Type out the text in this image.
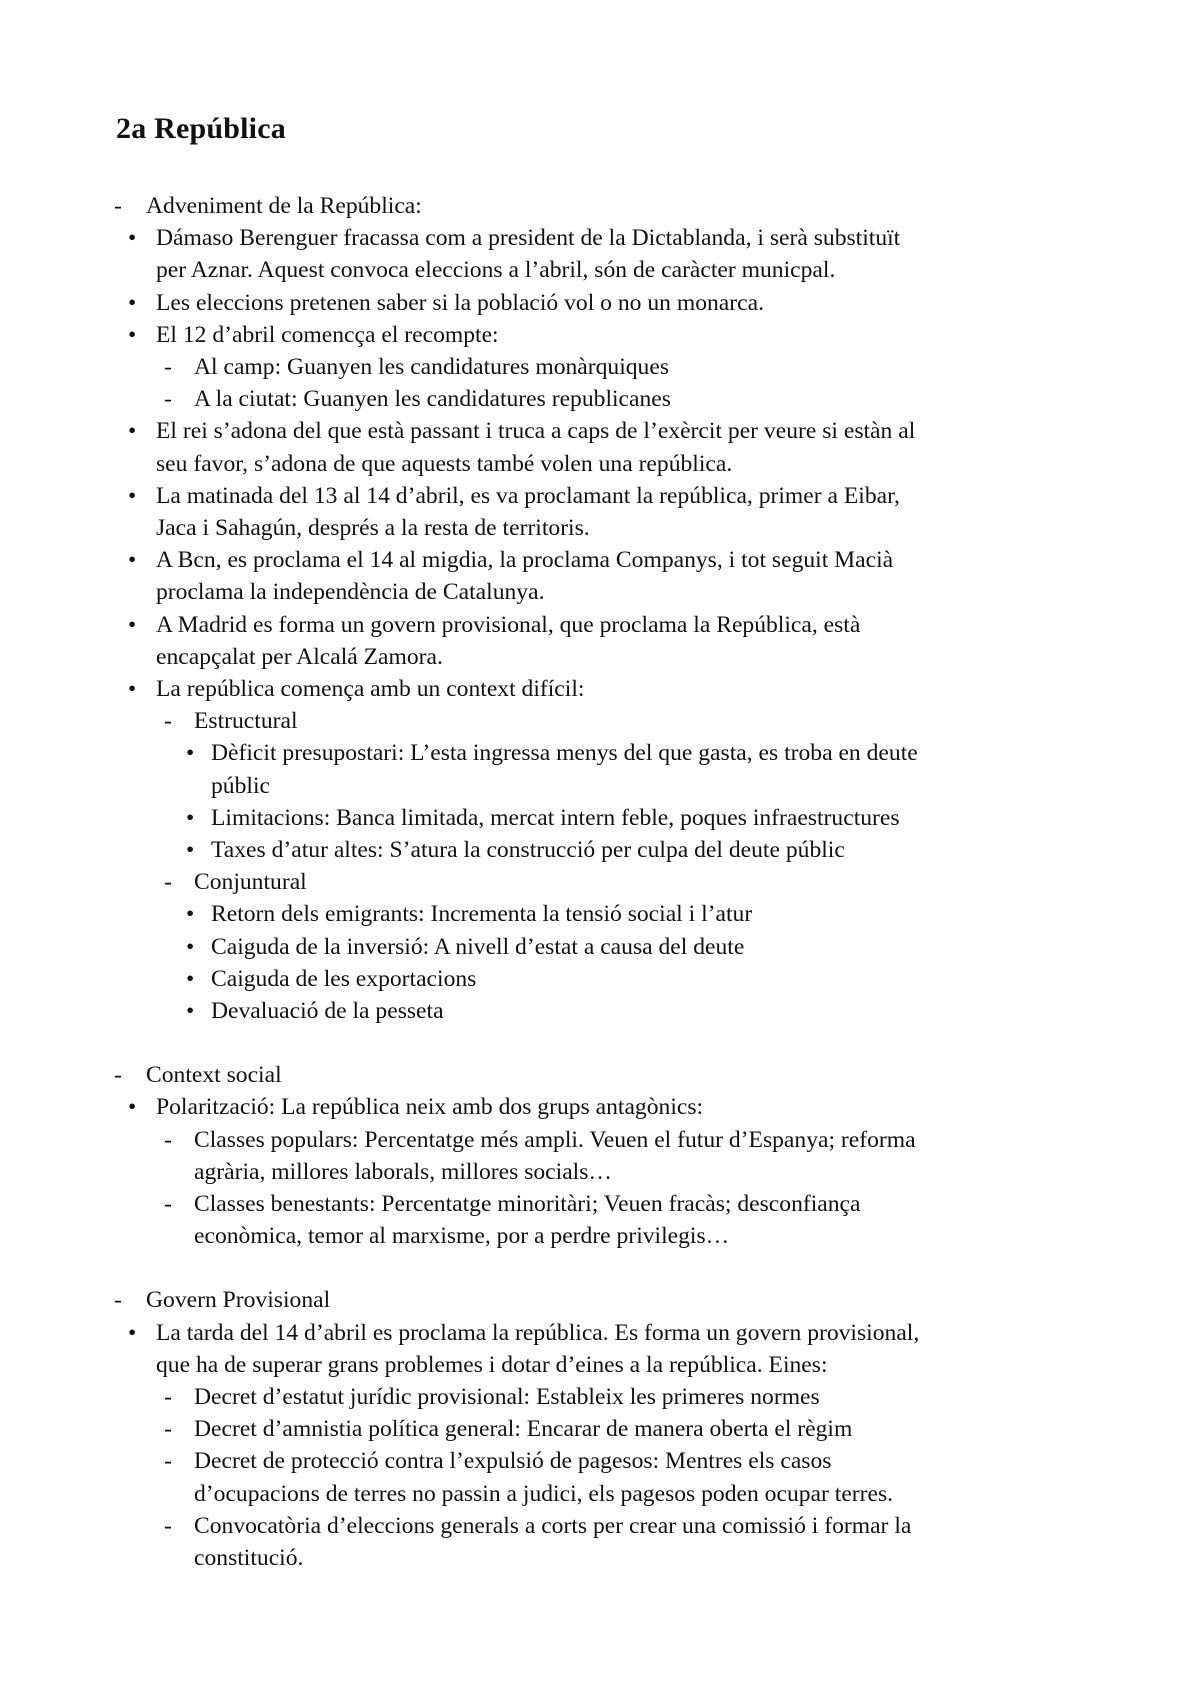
2a República
- Adveniment de la República:
• Dámaso Berenguer fracassa com a president de la Dictablanda, i serà substituït
per Aznar. Aquest convoca eleccions a l’abril, són de caràcter municpal.
• Les eleccions pretenen saber si la població vol o no un monarca.
• El 12 d’abril comencça el recompte:
- Al camp: Guanyen les candidatures monàrquiques
- A la ciutat: Guanyen les candidatures republicanes
• El rei s’adona del que està passant i truca a caps de l’exèrcit per veure si estàn al
seu favor, s’adona de que aquests també volen una república.
• La matinada del 13 al 14 d’abril, es va proclamant la república, primer a Eibar,
Jaca i Sahagún, després a la resta de territoris.
• A Bcn, es proclama el 14 al migdia, la proclama Companys, i tot seguit Macià
proclama la independència de Catalunya.
• A Madrid es forma un govern provisional, que proclama la República, està
encapçalat per Alcalá Zamora.
• La república comença amb un context difícil:
- Estructural
• Dèficit presupostari: L’esta ingressa menys del que gasta, es troba en deute
públic
• Limitacions: Banca limitada, mercat intern feble, poques infraestructures
• Taxes d’atur altes: S’atura la construcció per culpa del deute públic
- Conjuntural
• Retorn dels emigrants: Incrementa la tensió social i l’atur
• Caiguda de la inversió: A nivell d’estat a causa del deute
• Caiguda de les exportacions
• Devaluació de la pesseta
- Context social
• Polarització: La república neix amb dos grups antagònics:
- Classes populars: Percentatge més ampli. Veuen el futur d’Espanya; reforma
agrària, millores laborals, millores socials…
- Classes benestants: Percentatge minoritàri; Veuen fracàs; desconfiança
econòmica, temor al marxisme, por a perdre privilegis…
- Govern Provisional
• La tarda del 14 d’abril es proclama la república. Es forma un govern provisional,
que ha de superar grans problemes i dotar d’eines a la república. Eines:
- Decret d’estatut jurídic provisional: Estableix les primeres normes
- Decret d’amnistia política general: Encarar de manera oberta el règim
- Decret de protecció contra l’expulsió de pagesos: Mentres els casos
d’ocupacions de terres no passin a judici, els pagesos poden ocupar terres.
- Convocatòria d’eleccions generals a corts per crear una comissió i formar la
constitució.
